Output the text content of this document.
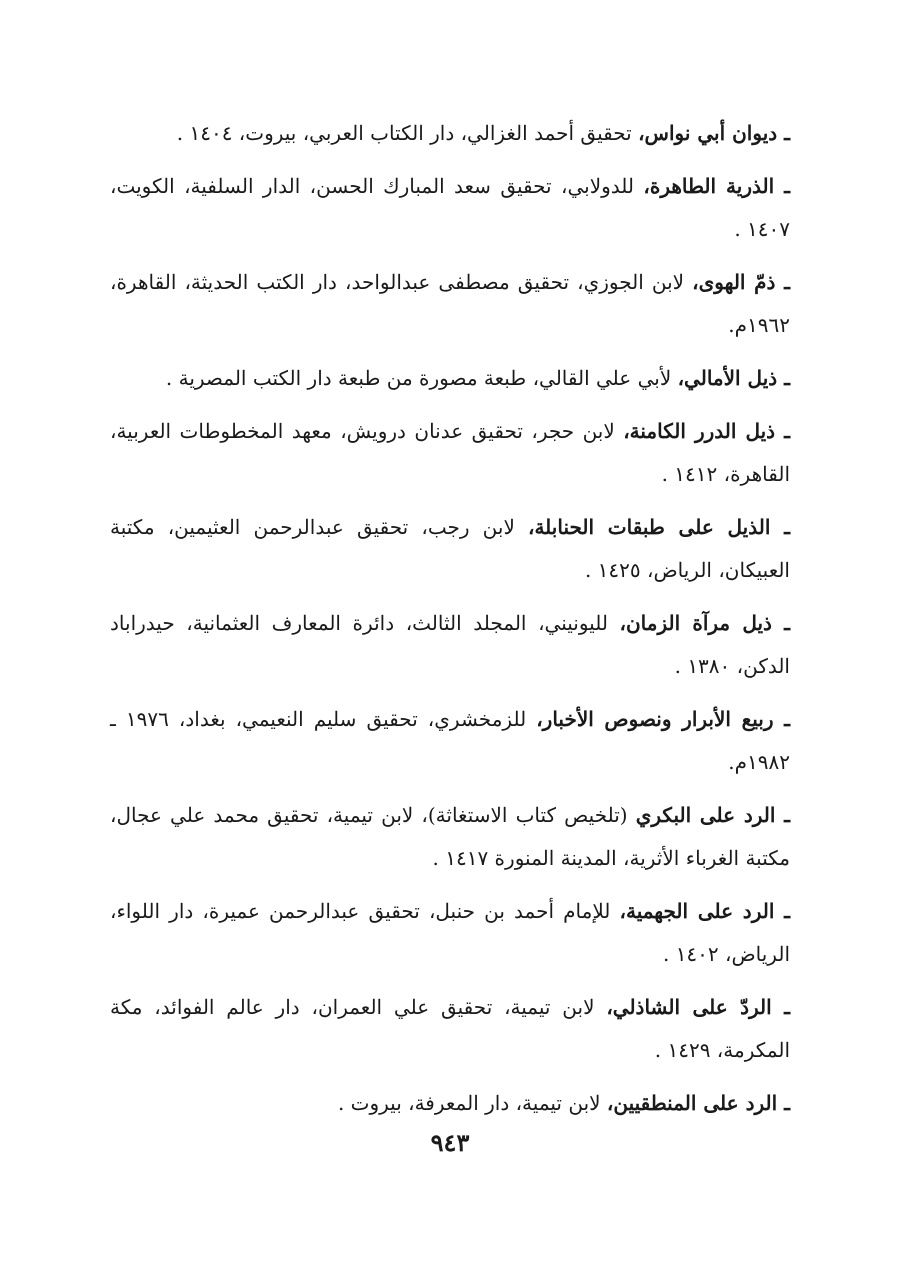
ـ ديوان أبي نواس، تحقيق أحمد الغزالي، دار الكتاب العربي، بيروت، ١٤٠٤ .

ـ الذرية الطاهرة، للدولابي، تحقيق سعد المبارك الحسن، الدار السلفية، الكويت، ١٤٠٧ .

ـ ذمّ الهوى، لابن الجوزي، تحقيق مصطفى عبدالواحد، دار الكتب الحديثة، القاهرة، ١٩٦٢م.

ـ ذيل الأمالي، لأبي علي القالي، طبعة مصورة من طبعة دار الكتب المصرية .

ـ ذيل الدرر الكامنة، لابن حجر، تحقيق عدنان درويش، معهد المخطوطات العربية، القاهرة، ١٤١٢ .

ـ الذيل على طبقات الحنابلة، لابن رجب، تحقيق عبدالرحمن العثيمين، مكتبة العبيكان، الرياض، ١٤٢٥ .

ـ ذيل مرآة الزمان، لليونيني، المجلد الثالث، دائرة المعارف العثمانية، حيدراباد الدكن، ١٣٨٠ .

ـ ربيع الأبرار ونصوص الأخبار، للزمخشري، تحقيق سليم النعيمي، بغداد، ١٩٧٦ ـ ١٩٨٢م.

ـ الرد على البكري (تلخيص كتاب الاستغاثة)، لابن تيمية، تحقيق محمد علي عجال، مكتبة الغرباء الأثرية، المدينة المنورة ١٤١٧ .

ـ الرد على الجهمية، للإمام أحمد بن حنبل، تحقيق عبدالرحمن عميرة، دار اللواء، الرياض، ١٤٠٢ .

ـ الردّ على الشاذلي، لابن تيمية، تحقيق علي العمران، دار عالم الفوائد، مكة المكرمة، ١٤٢٩ .

ـ الرد على المنطقيين، لابن تيمية، دار المعرفة، بيروت .

٩٤٣
